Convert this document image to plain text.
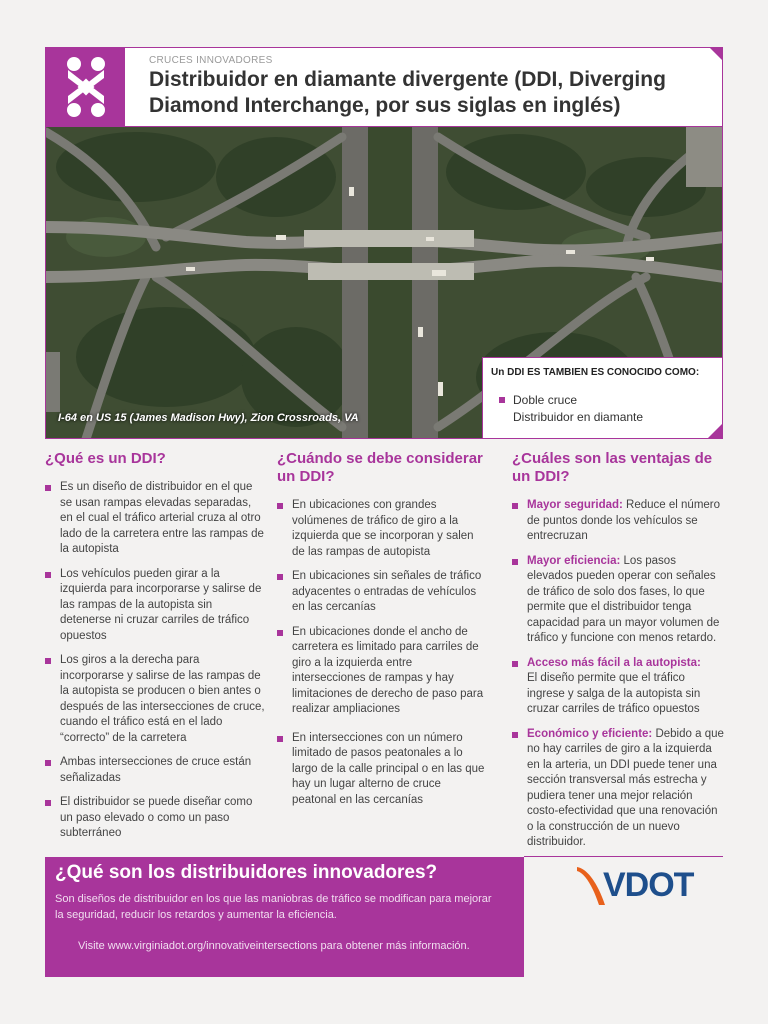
CRUCES INNOVADORES
Distribuidor en diamante divergente (DDI, Diverging Diamond Interchange, por sus siglas en inglés)
I-64 en US 15 (James Madison Hwy), Zion Crossroads, VA
Un DDI ES TAMBIEN ES CONOCIDO COMO:
Doble cruce
Distribuidor en diamante
¿Qué es un DDI?
Es un diseño de distribuidor en el que se usan rampas elevadas separadas, en el cual el tráfico arterial cruza al otro lado de la carretera entre las rampas de la autopista
Los vehículos pueden girar a la izquierda para incorporarse y salirse de las rampas de la autopista sin detenerse ni cruzar carriles de tráfico opuestos
Los giros a la derecha para incorporarse y salirse de las rampas de la autopista se producen o bien antes o después de las intersecciones de cruce, cuando el tráfico está en el lado “correcto” de la carretera
Ambas intersecciones de cruce están señalizadas
El distribuidor se puede diseñar como un paso elevado o como un paso subterráneo
¿Cuándo se debe considerar un DDI?
En ubicaciones con grandes volúmenes de tráfico de giro a la izquierda que se incorporan y salen de las rampas de autopista
En ubicaciones sin señales de tráfico adyacentes o entradas de vehículos en las cercanías
En ubicaciones donde el ancho de carretera es limitado para carriles de giro a la izquierda entre intersecciones de rampas y hay limitaciones de derecho de paso para realizar ampliaciones
En intersecciones con un número limitado de pasos peatonales a lo largo de la calle principal o en las que hay un lugar alterno de cruce peatonal en las cercanías
¿Cuáles son las ventajas de un DDI?
Mayor seguridad: Reduce el número de puntos donde los vehículos se entrecruzan
Mayor eficiencia: Los pasos elevados pueden operar con señales de tráfico de solo dos fases, lo que permite que el distribuidor tenga capacidad para un mayor volumen de tráfico y funcione con menos retardo.
Acceso más fácil a la autopista:
El diseño permite que el tráfico ingrese y salga de la autopista sin cruzar carriles de tráfico opuestos
Económico y eficiente: Debido a que no hay carriles de giro a la izquierda en la arteria, un DDI puede tener una sección transversal más estrecha y pudiera tener una mejor relación costo-efectividad que una renovación o la construcción de un nuevo distribuidor.
¿Qué son los distribuidores innovadores?

Son diseños de distribuidor en los que las maniobras de tráfico se modifican para mejorar la seguridad, reducir los retardos y aumentar la eficiencia.

Visite www.virginiadot.org/innovativeintersections para obtener más información.

VDOT
